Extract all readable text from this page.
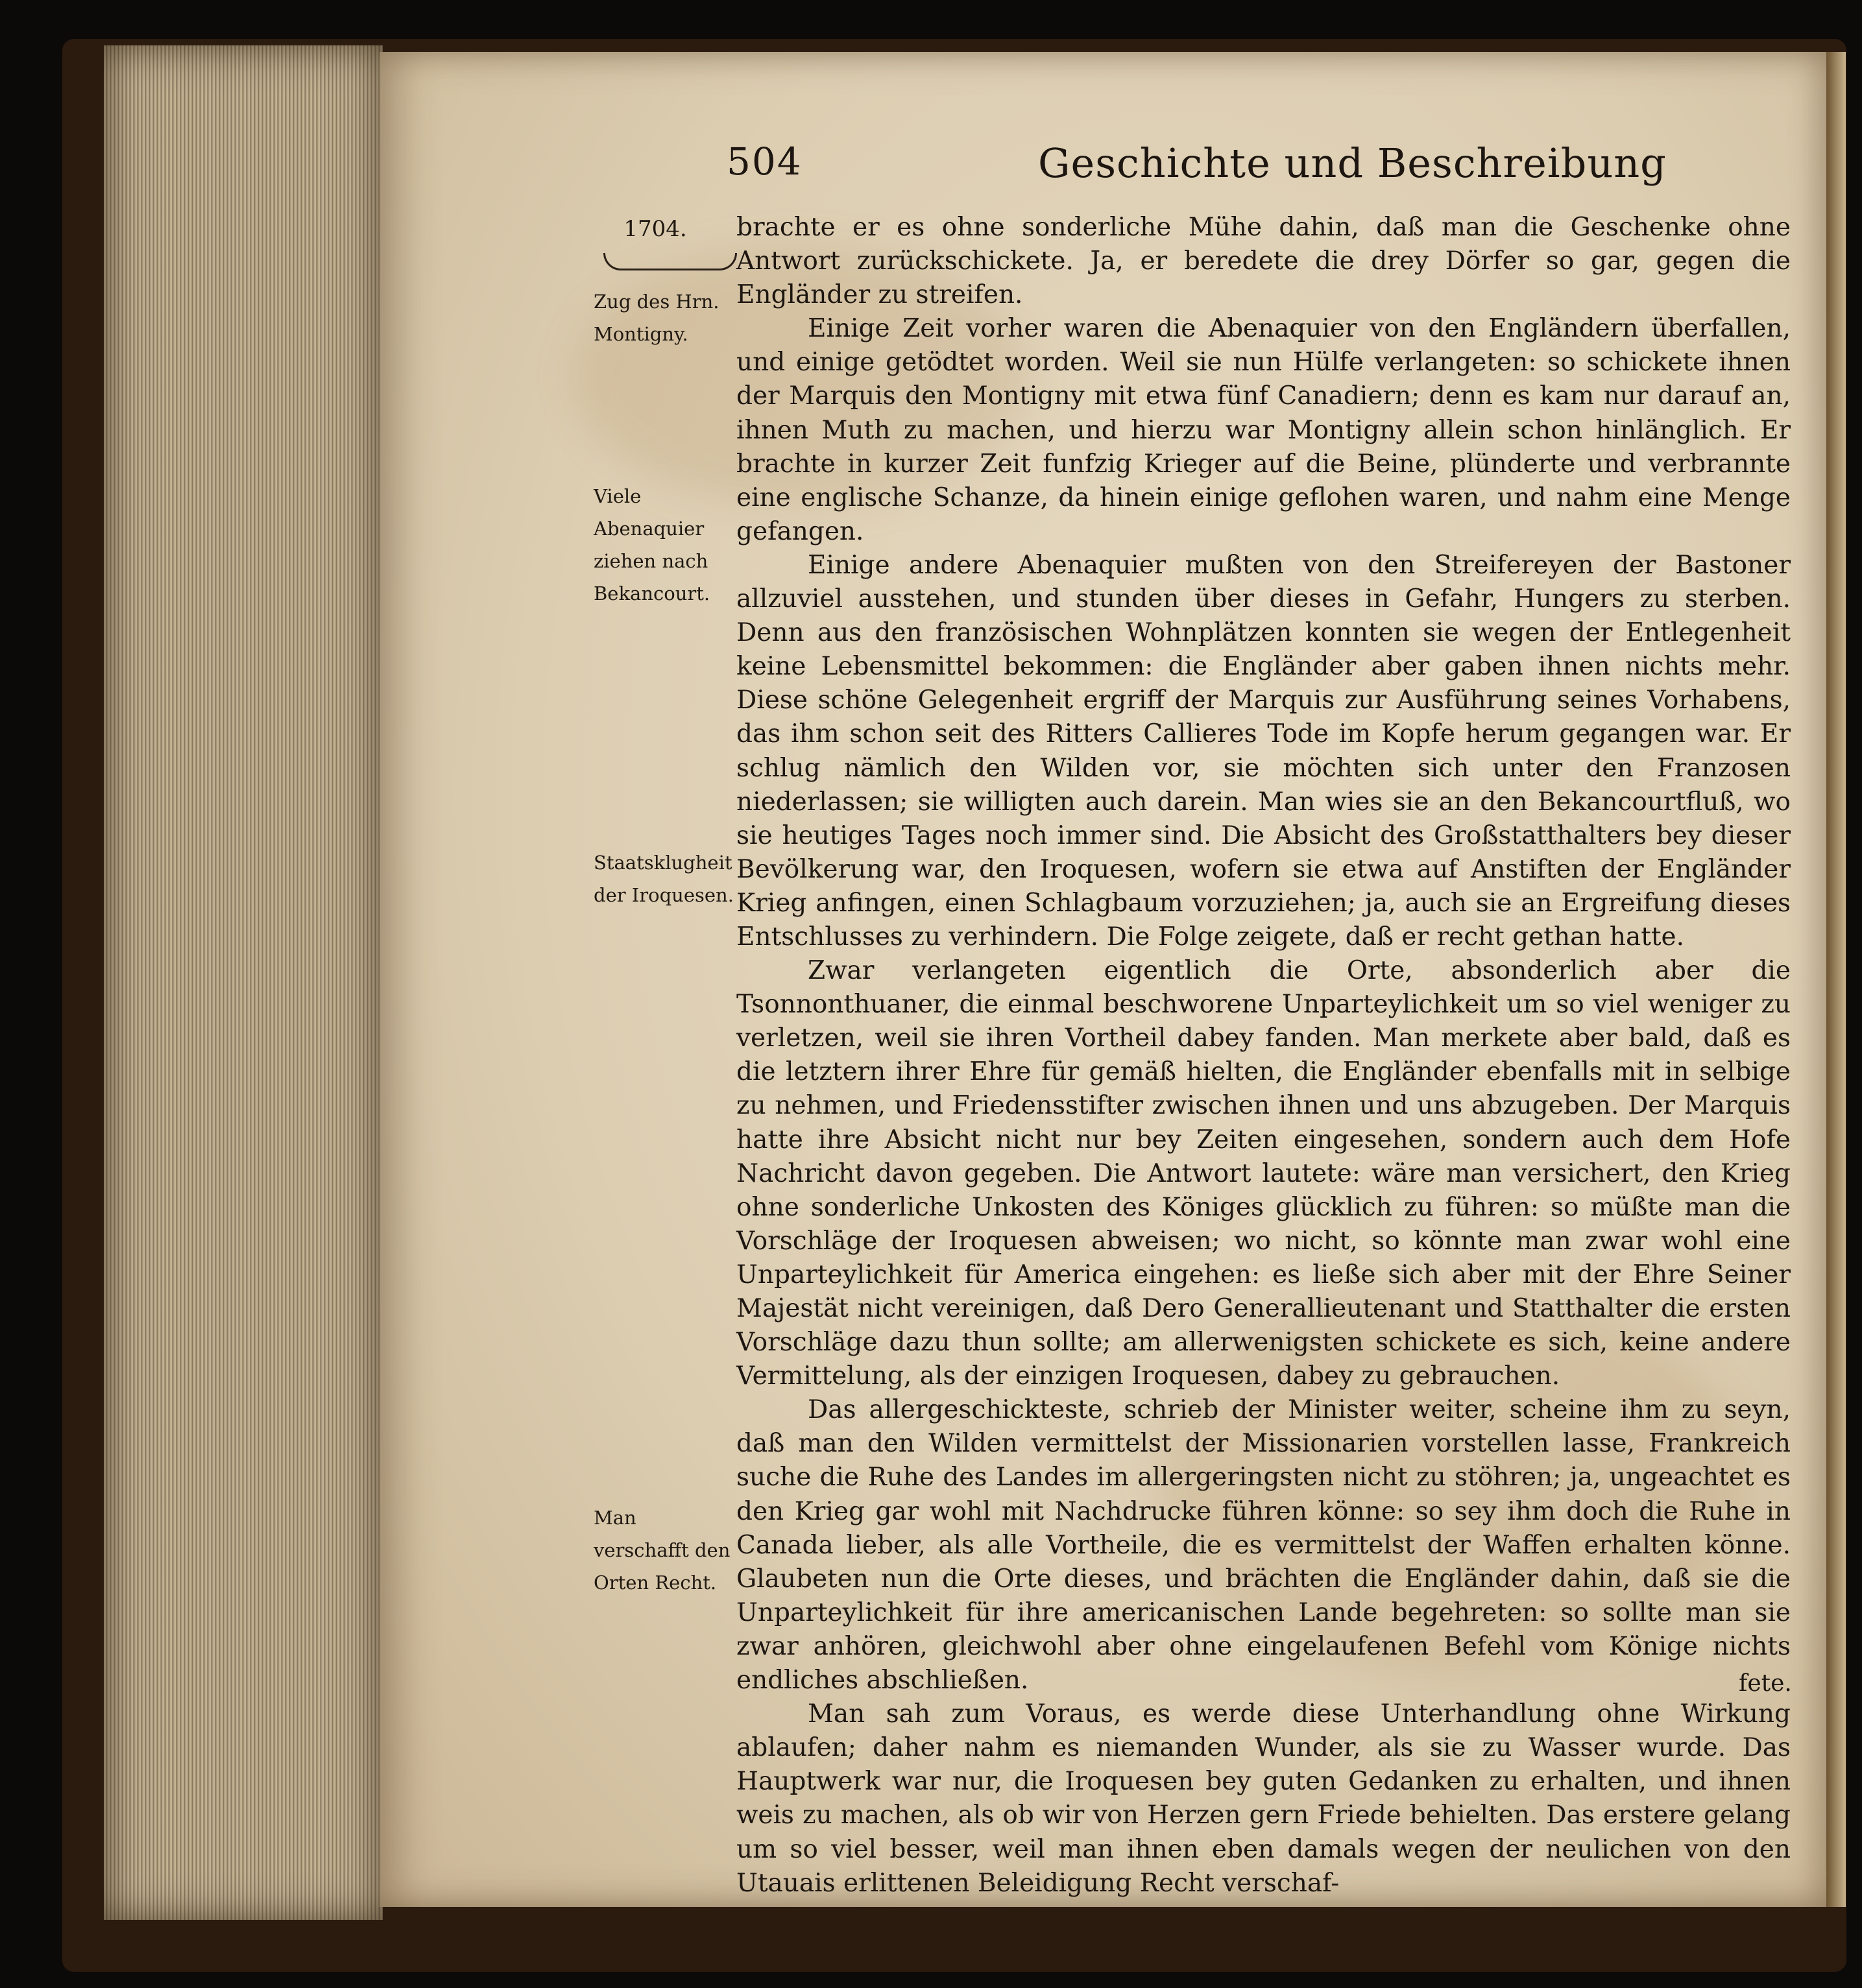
504	Geschichte und Beschreibung
1704.
Zug des Hrn. Montigny.
Viele Abenaquier ziehen nach Bekancourt.
Staatsklugheit der Iroquesen.
Man verschafft den Orten Recht.

brachte er es ohne sonderliche Mühe dahin, daß man die Geschenke ohne Antwort zurückschickete. Ja, er beredete die drey Dörfer so gar, gegen die Engländer zu streifen.

Einige Zeit vorher waren die Abenaquier von den Engländern überfallen, und einige getödtet worden. Weil sie nun Hülfe verlangeten: so schickete ihnen der Marquis den Montigny mit etwa fünf Canadiern; denn es kam nur darauf an, ihnen Muth zu machen, und hierzu war Montigny allein schon hinlänglich. Er brachte in kurzer Zeit funfzig Krieger auf die Beine, plünderte und verbrannte eine englische Schanze, da hinein einige geflohen waren, und nahm eine Menge gefangen.

Einige andere Abenaquier mußten von den Streifereyen der Bastoner allzuviel ausstehen, und stunden über dieses in Gefahr, Hungers zu sterben. Denn aus den französischen Wohnplätzen konnten sie wegen der Entlegenheit keine Lebensmittel bekommen: die Engländer aber gaben ihnen nichts mehr. Diese schöne Gelegenheit ergriff der Marquis zur Ausführung seines Vorhabens, das ihm schon seit des Ritters Callieres Tode im Kopfe herum gegangen war. Er schlug nämlich den Wilden vor, sie möchten sich unter den Franzosen niederlassen; sie willigten auch darein. Man wies sie an den Bekancourtfluß, wo sie heutiges Tages noch immer sind. Die Absicht des Großstatthalters bey dieser Bevölkerung war, den Iroquesen, wofern sie etwa auf Anstiften der Engländer Krieg anfingen, einen Schlagbaum vorzuziehen; ja, auch sie an Ergreifung dieses Entschlusses zu verhindern. Die Folge zeigete, daß er recht gethan hatte.

Zwar verlangeten eigentlich die Orte, absonderlich aber die Tsonnonthuaner, die einmal beschworene Unparteylichkeit um so viel weniger zu verletzen, weil sie ihren Vortheil dabey fanden. Man merkete aber bald, daß es die letztern ihrer Ehre für gemäß hielten, die Engländer ebenfalls mit in selbige zu nehmen, und Friedensstifter zwischen ihnen und uns abzugeben. Der Marquis hatte ihre Absicht nicht nur bey Zeiten eingesehen, sondern auch dem Hofe Nachricht davon gegeben. Die Antwort lautete: wäre man versichert, den Krieg ohne sonderliche Unkosten des Königes glücklich zu führen: so müßte man die Vorschläge der Iroquesen abweisen; wo nicht, so könnte man zwar wohl eine Unparteylichkeit für America eingehen: es ließe sich aber mit der Ehre Seiner Majestät nicht vereinigen, daß Dero Generallieutenant und Statthalter die ersten Vorschläge dazu thun sollte; am allerwenigsten schickete es sich, keine andere Vermittelung, als der einzigen Iroquesen, dabey zu gebrauchen.

Das allergeschickteste, schrieb der Minister weiter, scheine ihm zu seyn, daß man den Wilden vermittelst der Missionarien vorstellen lasse, Frankreich suche die Ruhe des Landes im allergeringsten nicht zu stöhren; ja, ungeachtet es den Krieg gar wohl mit Nachdrucke führen könne: so sey ihm doch die Ruhe in Canada lieber, als alle Vortheile, die es vermittelst der Waffen erhalten könne. Glaubeten nun die Orte dieses, und brächten die Engländer dahin, daß sie die Unparteylichkeit für ihre americanischen Lande begehreten: so sollte man sie zwar anhören, gleichwohl aber ohne eingelaufenen Befehl vom Könige nichts endliches abschließen.

Man sah zum Voraus, es werde diese Unterhandlung ohne Wirkung ablaufen; daher nahm es niemanden Wunder, als sie zu Wasser wurde. Das Hauptwerk war nur, die Iroquesen bey guten Gedanken zu erhalten, und ihnen weis zu machen, als ob wir von Herzen gern Friede behielten. Das erstere gelang um so viel besser, weil man ihnen eben damals wegen der neulichen von den Utauais erlittenen Beleidigung Recht verschaf-

fete.
